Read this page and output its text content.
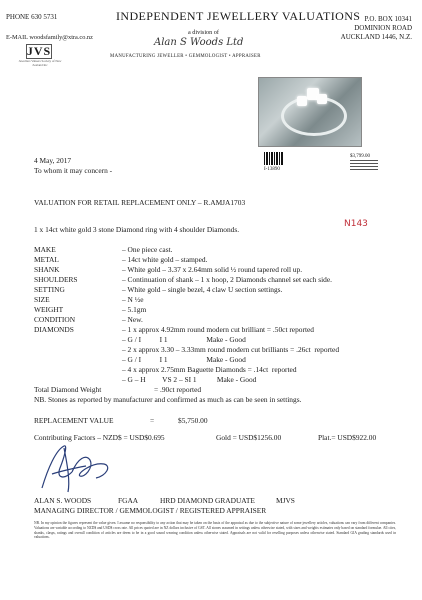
PHONE 630 5731
E-MAIL woodsfamily@xtra.co.nz
JVS
Jewellers Valuers Society of New Zealand Inc
INDEPENDENT JEWELLERY VALUATIONS
a division of
Alan S Woods Ltd
MANUFACTURING JEWELLER • GEMMOLOGIST • APPRAISER
P.O. BOX 10341
DOMINION ROAD
AUCKLAND 1446, N.Z.
I-13890
$3,799.00
4 May, 2017
To whom it may concern -
VALUATION FOR RETAIL REPLACEMENT ONLY – R.AMJA1703
N143
1 x 14ct white gold 3 stone Diamond ring with 4 shoulder Diamonds.
MAKE	– One piece cast.
METAL	– 14ct white gold – stamped.
SHANK	– White gold – 3.37 x 2.64mm solid ½ round tapered roll up.
SHOULDERS	– Continuation of shank – 1 x hoop, 2 Diamonds channel set each side.
SETTING	– White gold – single bezel, 4 claw U section settings.
SIZE	– N ½e
WEIGHT	– 5.1gm
CONDITION	– New.
DIAMONDS	– 1 x approx 4.92mm round modern cut brilliant = .50ct reported
– G / I          I 1                     Make - Good
– 2 x approx 3.30 – 3.33mm round modern cut brilliants = .26ct  reported
– G / I          I 1                     Make - Good
– 4 x approx 2.75mm Baguette Diamonds = .14ct  reported
– G – H         VS 2 – SI 1           Make - Good
Total Diamond Weight	= .90ct reported
NB. Stones as reported by manufacturer and confirmed as much as can be seen in settings.
REPLACEMENT VALUE	=	$5,750.00
Contributing Factors – NZD$ = USD$0.695	Gold = USD$1256.00	Plat.= USD$922.00
ALAN S. WOODS	FGAA	HRD DIAMOND GRADUATE	MJVS
MANAGING DIRECTOR / GEMMOLOGIST / REGISTERED APPRAISER
NB. In my opinion the figures represent the value given. I assume no responsibility to any action that may be taken on the basis of the appraisal as due to the subjective nature of some jewellery articles, valuations can vary from different companies. Valuations are variable according to NZD$ and USD$ cross rate. All prices quoted are in NZ dollars inclusive of GST. All stones assumed in settings unless otherwise stated, with sizes and weights estimates only based on standard formulae. All cites, shanks, clasps, ratings and overall condition of articles are deem to be in a good sound wearing condition unless otherwise stated. Appraisals are not valid for reselling purposes unless otherwise stated. Standard GIA grading standards used in valuations.
